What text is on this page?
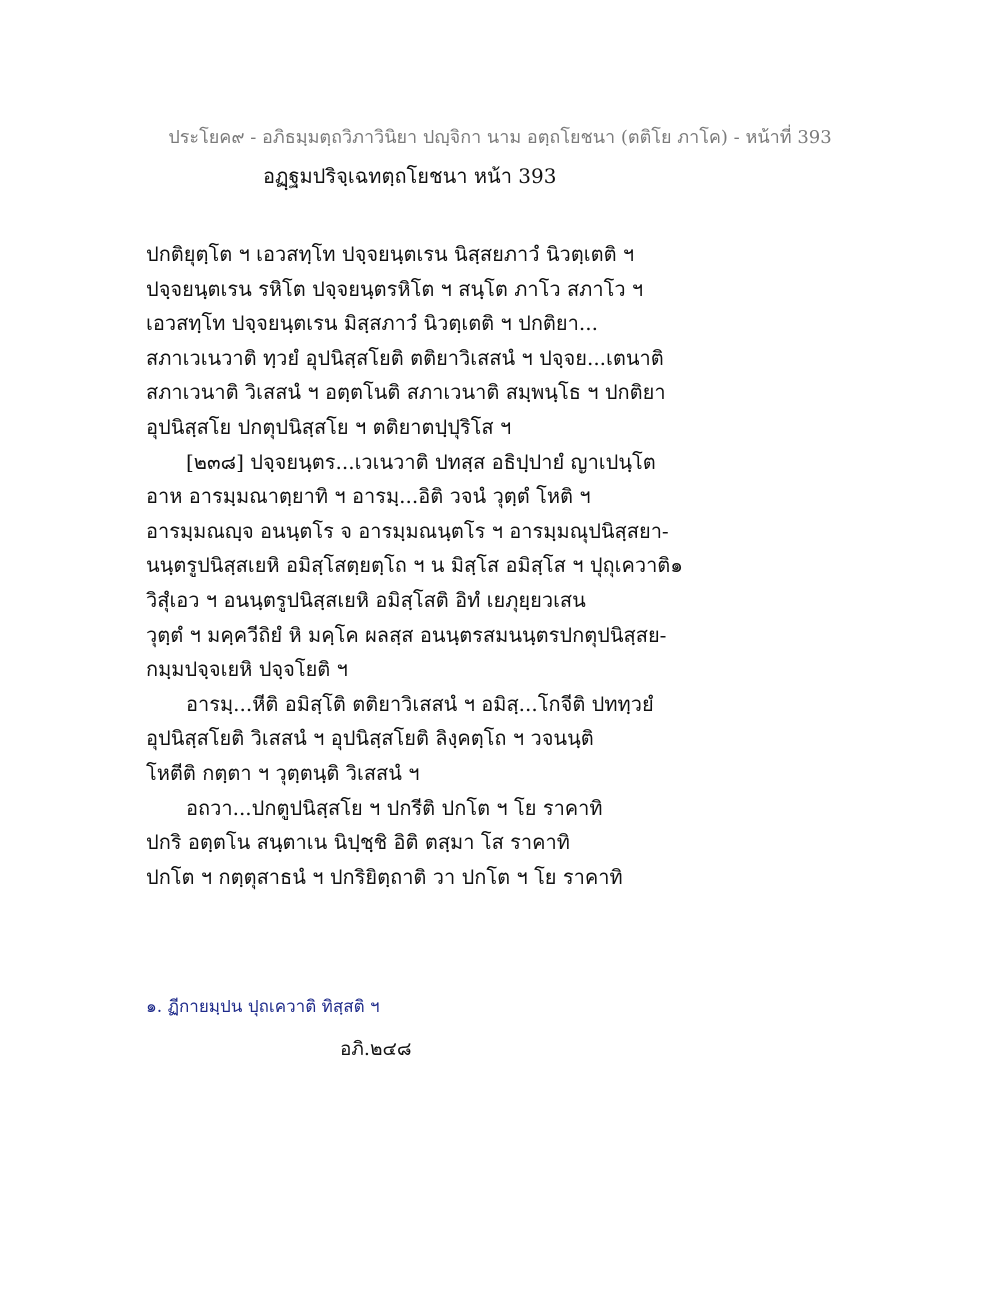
ประโยค๙ - อภิธมฺมตฺถวิภาวินิยา ปญฺจิกา นาม อตฺถโยชนา (ตติโย ภาโค) - หน้าที่ 393
อฏฺฐมปริจฺเฉทตฺถโยชนา หน้า 393
ปกติยุตฺโต ฯ เอวสทฺโท ปจฺจยนฺตเรน นิสฺสยภาวํ นิวตฺเตติ ฯ
ปจฺจยนฺตเรน รหิโต ปจฺจยนฺตรหิโต ฯ สนฺโต ภาโว สภาโว ฯ
เอวสทฺโท ปจฺจยนฺตเรน มิสฺสภาวํ นิวตฺเตติ ฯ ปกติยา...
สภาเวเนวาติ ทฺวยํ อุปนิสฺสโยติ ตติยาวิเสสนํ ฯ ปจฺจย...เตนาติ
สภาเวนาติ วิเสสนํ ฯ อตฺตโนติ สภาเวนาติ สมฺพนฺโธ ฯ ปกติยา
อุปนิสฺสโย ปกตุปนิสฺสโย ฯ ตติยาตปฺปุริโส ฯ
[๒๓๘] ปจฺจยนฺตร...เวเนวาติ ปทสฺส อธิปฺปายํ ญาเปนฺโต
อาห อารมฺมณาตฺยาทิ ฯ อารมฺ...อิติ วจนํ วุตฺตํ โหติ ฯ
อารมฺมณญฺจ อนนฺตโร จ อารมฺมณนฺตโร ฯ อารมฺมณุปนิสฺสยา-
นนฺตรูปนิสฺสเยหิ อมิสฺโสตฺยตฺโถ ฯ น มิสฺโส อมิสฺโส ฯ ปุถุเควาติ๑
วิสุํเอว ฯ อนนฺตรูปนิสฺสเยหิ อมิสฺโสติ อิทํ เยภุยฺยวเสน
วุตฺตํ ฯ มคฺควีถิยํ หิ มคฺโค ผลสฺส อนนฺตรสมนนฺตรปกตุปนิสฺสย-
กมฺมปจฺจเยหิ ปจฺจโยติ ฯ
อารมฺ...หีติ อมิสฺโติ ตติยาวิเสสนํ ฯ อมิสฺ...โกจีติ ปททฺวยํ
อุปนิสฺสโยติ วิเสสนํ ฯ อุปนิสฺสโยติ ลิงฺคตฺโถ ฯ วจนนฺติ
โหตีติ กตฺตา ฯ วุตฺตนฺติ วิเสสนํ ฯ
อถวา...ปกตูปนิสฺสโย ฯ ปกรีติ ปกโต ฯ โย ราคาทิ
ปกริ อตฺตโน สนฺตาเน นิปฺชฺชิ อิติ ตสฺมา โส ราคาทิ
ปกโต ฯ กตฺตุสาธนํ ฯ ปกริยิตฺถาติ วา ปกโต ฯ โย ราคาทิ
๑. ฏีกายมฺปน ปุถเควาติ ทิสฺสติ ฯ
อภิ.๒๔๘
